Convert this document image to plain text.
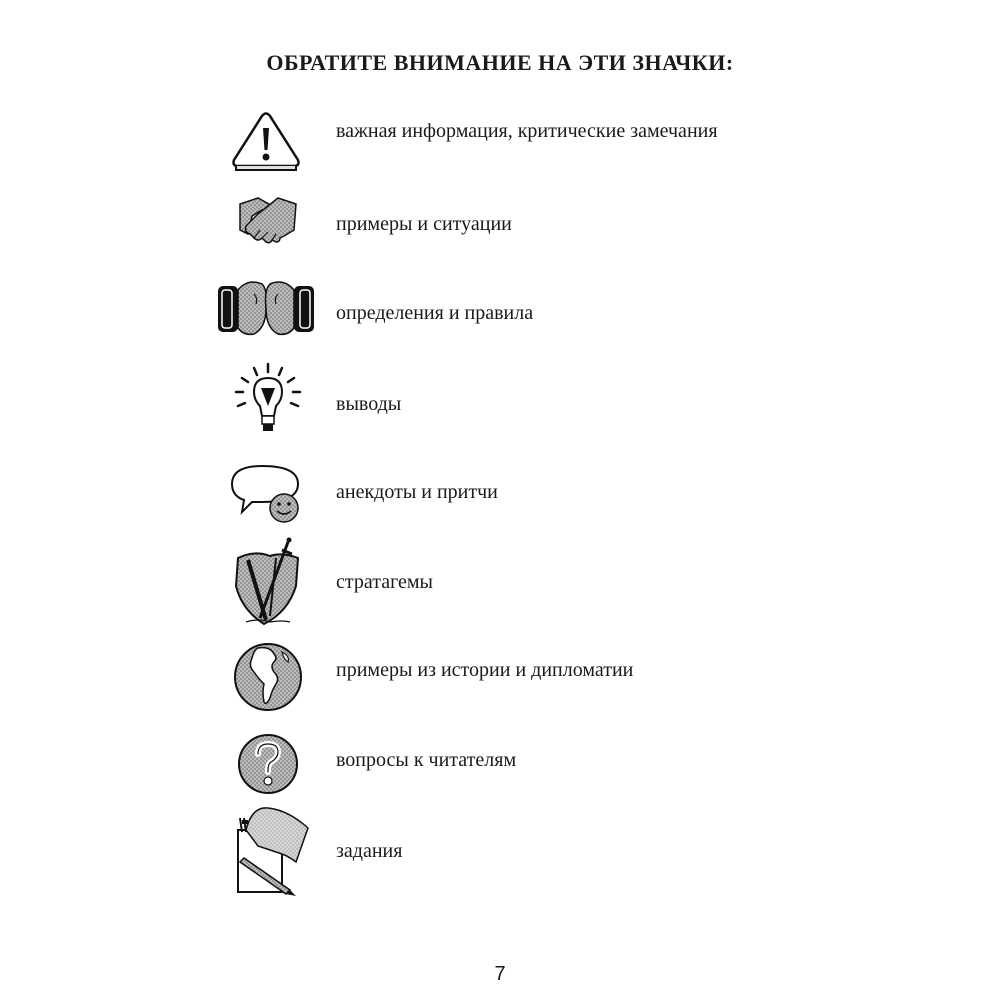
ОБРАТИТЕ ВНИМАНИЕ НА ЭТИ ЗНАЧКИ:
важная информация, критические замечания
примеры и ситуации
определения и правила
выводы
анекдоты и притчи
стратагемы
примеры из истории и дипломатии
вопросы к читателям
задания
7
